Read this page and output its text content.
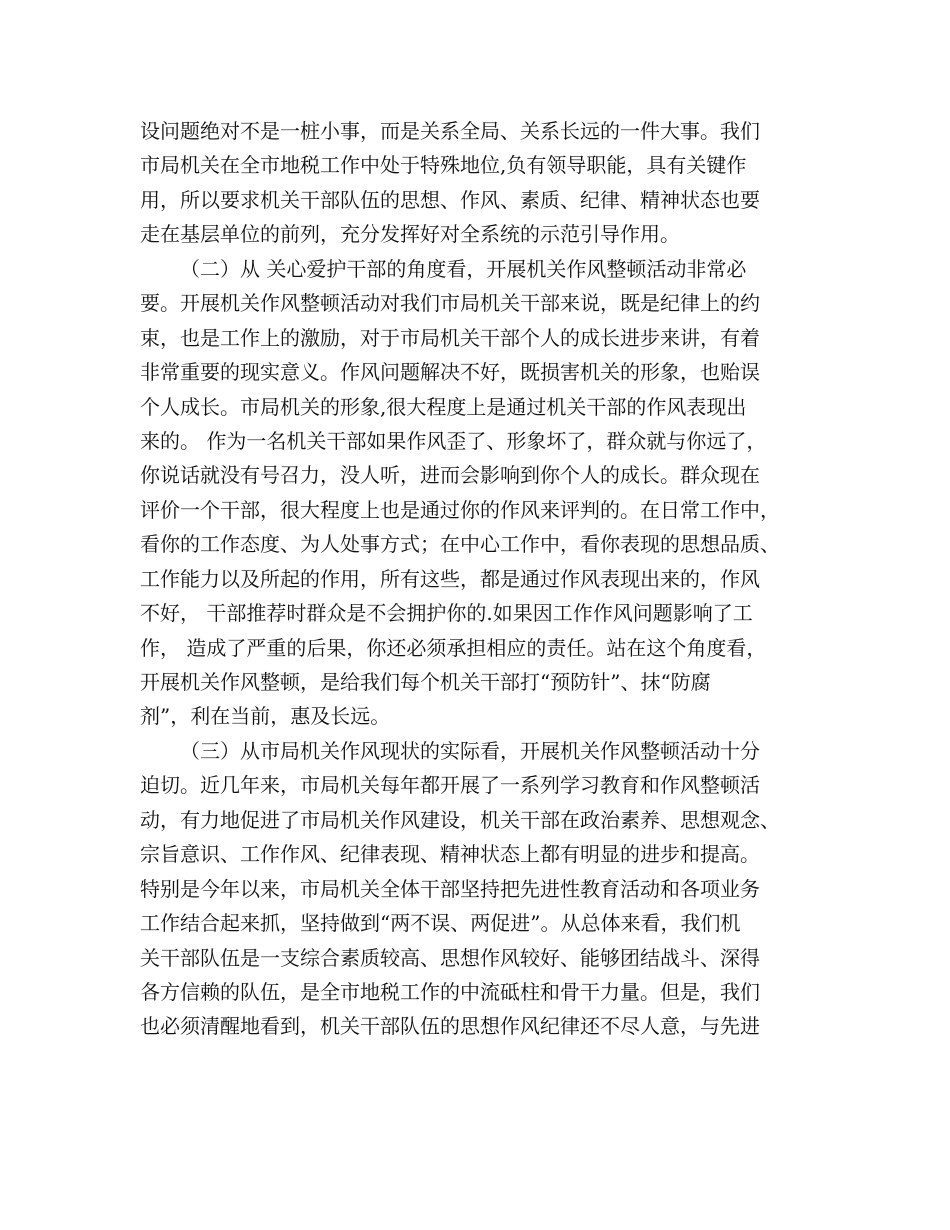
设问题绝对不是一桩小事，而是关系全局、关系长远的一件大事。我们
市局机关在全市地税工作中处于特殊地位,负有领导职能，具有关键作
用，所以要求机关干部队伍的思想、作风、素质、纪律、精神状态也要
走在基层单位的前列，充分发挥好对全系统的示范引导作用。
（二）从 关心爱护干部的角度看，开展机关作风整顿活动非常必
要。开展机关作风整顿活动对我们市局机关干部来说，既是纪律上的约
束，也是工作上的激励，对于市局机关干部个人的成长进步来讲，有着
非常重要的现实意义。作风问题解决不好，既损害机关的形象，也贻误
个人成长。市局机关的形象,很大程度上是通过机关干部的作风表现出
来的。 作为一名机关干部如果作风歪了、形象坏了，群众就与你远了，
你说话就没有号召力，没人听，进而会影响到你个人的成长。群众现在
评价一个干部，很大程度上也是通过你的作风来评判的。在日常工作中，
看你的工作态度、为人处事方式；在中心工作中，看你表现的思想品质、
工作能力以及所起的作用，所有这些，都是通过作风表现出来的，作风
不好， 干部推荐时群众是不会拥护你的.如果因工作作风问题影响了工
作， 造成了严重的后果，你还必须承担相应的责任。站在这个角度看，
开展机关作风整顿，是给我们每个机关干部打“预防针”、抹“防腐
剂”，利在当前，惠及长远。
（三）从市局机关作风现状的实际看，开展机关作风整顿活动十分
迫切。近几年来，市局机关每年都开展了一系列学习教育和作风整顿活
动，有力地促进了市局机关作风建设，机关干部在政治素养、思想观念、
宗旨意识、工作作风、纪律表现、精神状态上都有明显的进步和提高。
特别是今年以来，市局机关全体干部坚持把先进性教育活动和各项业务
工作结合起来抓，坚持做到“两不误、两促进”。从总体来看，我们机
关干部队伍是一支综合素质较高、思想作风较好、能够团结战斗、深得
各方信赖的队伍，是全市地税工作的中流砥柱和骨干力量。但是，我们
也必须清醒地看到，机关干部队伍的思想作风纪律还不尽人意，与先进
